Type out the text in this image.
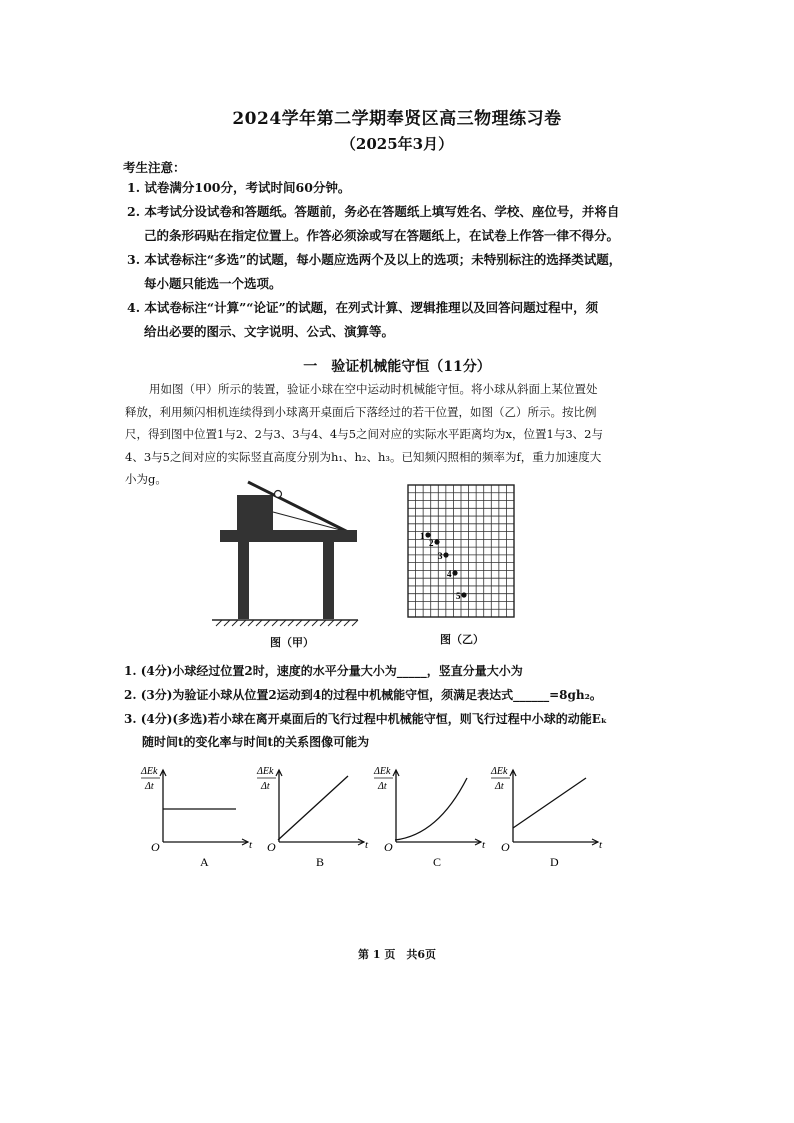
2024学年第二学期奉贤区高三物理练习卷
（2025年3月）
考生注意：
1. 试卷满分100分，考试时间60分钟。
2. 本考试分设试卷和答题纸。答题前，务必在答题纸上填写姓名、学校、座位号，并将自
己的条形码贴在指定位置上。作答必须涂或写在答题纸上，在试卷上作答一律不得分。
3. 本试卷标注“多选”的试题，每小题应选两个及以上的选项；未特别标注的选择类试题，
每小题只能选一个选项。
4. 本试卷标注“计算”“论证”的试题，在列式计算、逻辑推理以及回答问题过程中，须
给出必要的图示、文字说明、公式、演算等。
一　验证机械能守恒（11分）
用如图（甲）所示的装置，验证小球在空中运动时机械能守恒。将小球从斜面上某位置处释放，利用频闪相机连续得到小球离开桌面后下落经过的若干位置，如图（乙）所示。按比例尺，得到图中位置1与2、2与3、3与4、4与5之间对应的实际水平距离均为x，位置1与3、2与4、3与5之间对应的实际竖直高度分别为h₁、h₂、h₃。已知频闪照相的频率为f，重力加速度大小为g。
图（甲）
1
2
3
4
5
图（乙）
1. (4分)小球经过位置2时，速度的水平分量大小为_____，竖直分量大小为
2. (3分)为验证小球从位置2运动到4的过程中机械能守恒，须满足表达式______=8gh₂。
3. (4分)(多选)若小球在离开桌面后的飞行过程中机械能守恒，则飞行过程中小球的动能Eₖ
随时间t的变化率与时间t的关系图像可能为
ΔEk
Δt
t
O
A
ΔEk
Δt
t
O
B
ΔEk
Δt
t
O
C
ΔEk
Δt
t
O
D
第 1 页　共6页
